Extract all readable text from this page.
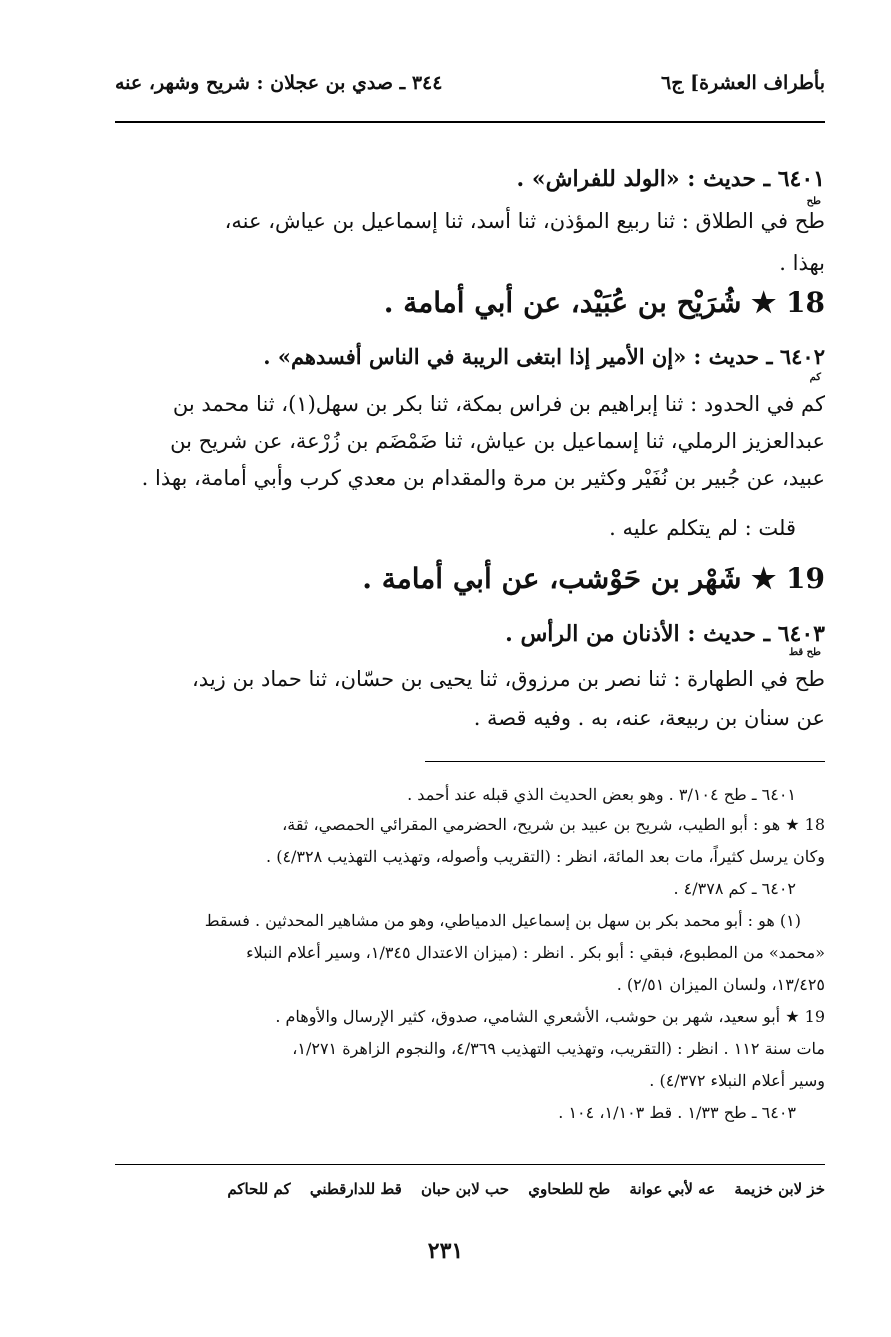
بأطراف العشرة] ج٦
٣٤٤ ـ صدي بن عجلان : شريح وشهر، عنه
٦٤٠١ ـ حديث : «الولد للفراش» .
طح
طح في الطلاق : ثنا ربيع المؤذن، ثنا أسد، ثنا إسماعيل بن عياش، عنه،
بهذا .
18 ★ شُرَيْح بن عُبَيْد، عن أبي أمامة .
٦٤٠٢ ـ حديث : «إن الأمير إذا ابتغى الريبة في الناس أفسدهم» .
كم
كم في الحدود : ثنا إبراهيم بن فراس بمكة، ثنا بكر بن سهل(١)، ثنا محمد بن
عبدالعزيز الرملي، ثنا إسماعيل بن عياش، ثنا ضَمْضَم بن زُرْعة، عن شريح بن
عبيد، عن جُبير بن نُفَيْر وكثير بن مرة والمقدام بن معدي كرب وأبي أمامة، بهذا .
قلت : لم يتكلم عليه .
19 ★ شَهْر بن حَوْشب، عن أبي أمامة .
٦٤٠٣ ـ حديث : الأذنان من الرأس .
طح قط
طح في الطهارة : ثنا نصر بن مرزوق، ثنا يحيى بن حسّان، ثنا حماد بن زيد،
عن سنان بن ربيعة، عنه، به . وفيه قصة .
٦٤٠١ ـ طح ٣/١٠٤ . وهو بعض الحديث الذي قبله عند أحمد .
18 ★ هو : أبو الطيب، شريح بن عبيد بن شريح، الحضرمي المقرائي الحمصي، ثقة،
وكان يرسل كثيراً، مات بعد المائة، انظر : (التقريب وأصوله، وتهذيب التهذيب ٤/٣٢٨) .
٦٤٠٢ ـ كم ٤/٣٧٨ .
(١) هو : أبو محمد بكر بن سهل بن إسماعيل الدمياطي، وهو من مشاهير المحدثين . فسقط
«محمد» من المطبوع، فبقي : أبو بكر . انظر : (ميزان الاعتدال ١/٣٤٥، وسير أعلام النبلاء
١٣/٤٢٥، ولسان الميزان ٢/٥١) .
19 ★ أبو سعيد، شهر بن حوشب، الأشعري الشامي، صدوق، كثير الإرسال والأوهام .
مات سنة ١١٢ . انظر : (التقريب، وتهذيب التهذيب ٤/٣٦٩، والنجوم الزاهرة ١/٢٧١،
وسير أعلام النبلاء ٤/٣٧٢) .
٦٤٠٣ ـ طح ١/٣٣ . قط ١/١٠٣، ١٠٤ .
خز لابن خزيمة عه لأبي عوانة طح للطحاوي حب لابن حبان قط للدارقطني كم للحاكم
٢٣١
